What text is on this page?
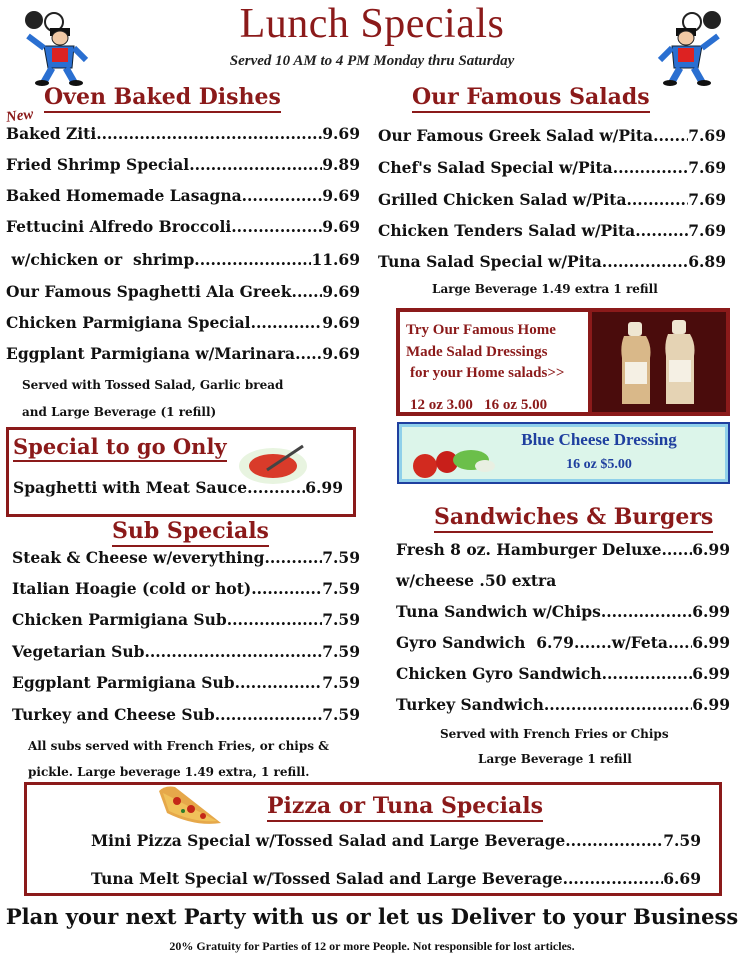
Lunch Specials
Served 10 AM to 4 PM Monday thru Saturday
Oven Baked Dishes
New
Baked Ziti .....	9.69
Fried Shrimp Special .....	9.89
Baked Homemade Lasagna .....	9.69
Fettucini Alfredo Broccoli .....	9.69
w/chicken or  shrimp .....	11.69
Our Famous Spaghetti Ala Greek ..... 9.69
Chicken Parmigiana Special .....	9.69
Eggplant Parmigiana w/Marinara ..... 9.69
Served with Tossed Salad, Garlic bread
and Large Beverage (1 refill)
Special to go Only
Spaghetti with Meat Sauce .....	6.99
Sub Specials
Steak & Cheese w/everything .....	7.59
Italian Hoagie (cold or hot) .....	7.59
Chicken Parmigiana Sub .....	7.59
Vegetarian Sub .....	7.59
Eggplant Parmigiana Sub .....	7.59
Turkey and Cheese Sub .....	7.59
All subs served with French Fries, or chips &
pickle. Large beverage 1.49 extra, 1 refill.
Our Famous Salads
Our Famous Greek Salad w/Pita ..... 7.69
Chef's Salad Special w/Pita .....	7.69
Grilled Chicken Salad w/Pita .....	7.69
Chicken Tenders Salad w/Pita .....	7.69
Tuna Salad Special w/Pita .....	6.89
Large Beverage 1.49 extra 1 refill
Try Our Famous Home
Made Salad Dressings
for your Home salads>>
12 oz 3.00   16 oz 5.00
Blue Cheese Dressing
16 oz $5.00
Sandwiches & Burgers
Fresh 8 oz. Hamburger Deluxe ..... 6.99
w/cheese .50 extra
Tuna Sandwich w/Chips .....	6.99
Gyro Sandwich  6.79.......w/Feta ..... 6.99
Chicken Gyro Sandwich .....	6.99
Turkey Sandwich .....	6.99
Served with French Fries or Chips
Large Beverage 1 refill
Pizza or Tuna Specials
Mini Pizza Special w/Tossed Salad and Large Beverage .....	7.59
Tuna Melt Special w/Tossed Salad and Large Beverage .....	6.69
Plan your next Party with us or let us Deliver to your Business
20% Gratuity for Parties of 12 or more People. Not responsible for lost articles.
